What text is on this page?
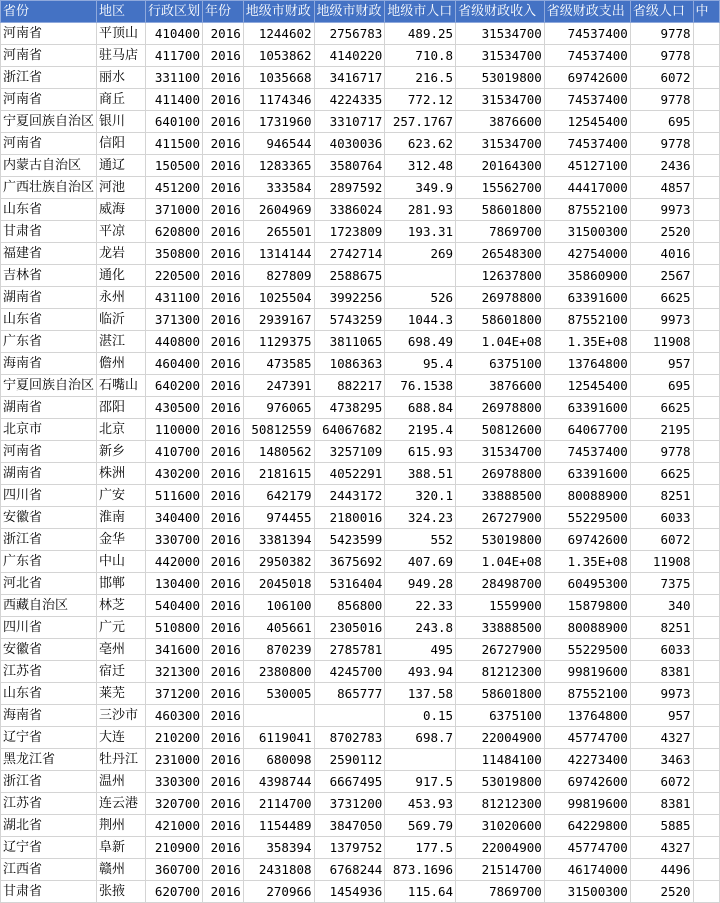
省份	地区	行政区划	年份	地级市财政	地级市财政	地级市人口	省级财政收入	省级财政支出	省级人口	中
河南省	平顶山	410400	2016	1244602	2756783	489.25	31534700	74537400	9778	
河南省	驻马店	411700	2016	1053862	4140220	710.8	31534700	74537400	9778	
浙江省	丽水	331100	2016	1035668	3416717	216.5	53019800	69742600	6072	
河南省	商丘	411400	2016	1174346	4224335	772.12	31534700	74537400	9778	
宁夏回族自治区	银川	640100	2016	1731960	3310717	257.1767	3876600	12545400	695	
河南省	信阳	411500	2016	946544	4030036	623.62	31534700	74537400	9778	
内蒙古自治区	通辽	150500	2016	1283365	3580764	312.48	20164300	45127100	2436	
广西壮族自治区	河池	451200	2016	333584	2897592	349.9	15562700	44417000	4857	
山东省	威海	371000	2016	2604969	3386024	281.93	58601800	87552100	9973	
甘肃省	平凉	620800	2016	265501	1723809	193.31	7869700	31500300	2520	
福建省	龙岩	350800	2016	1314144	2742714	269	26548300	42754000	4016	
吉林省	通化	220500	2016	827809	2588675		12637800	35860900	2567	
湖南省	永州	431100	2016	1025504	3992256	526	26978800	63391600	6625	
山东省	临沂	371300	2016	2939167	5743259	1044.3	58601800	87552100	9973	
广东省	湛江	440800	2016	1129375	3811065	698.49	1.04E+08	1.35E+08	11908	
海南省	儋州	460400	2016	473585	1086363	95.4	6375100	13764800	957	
宁夏回族自治区	石嘴山	640200	2016	247391	882217	76.1538	3876600	12545400	695	
湖南省	邵阳	430500	2016	976065	4738295	688.84	26978800	63391600	6625	
北京市	北京	110000	2016	50812559	64067682	2195.4	50812600	64067700	2195	
河南省	新乡	410700	2016	1480562	3257109	615.93	31534700	74537400	9778	
湖南省	株洲	430200	2016	2181615	4052291	388.51	26978800	63391600	6625	
四川省	广安	511600	2016	642179	2443172	320.1	33888500	80088900	8251	
安徽省	淮南	340400	2016	974455	2180016	324.23	26727900	55229500	6033	
浙江省	金华	330700	2016	3381394	5423599	552	53019800	69742600	6072	
广东省	中山	442000	2016	2950382	3675692	407.69	1.04E+08	1.35E+08	11908	
河北省	邯郸	130400	2016	2045018	5316404	949.28	28498700	60495300	7375	
西藏自治区	林芝	540400	2016	106100	856800	22.33	1559900	15879800	340	
四川省	广元	510800	2016	405661	2305016	243.8	33888500	80088900	8251	
安徽省	亳州	341600	2016	870239	2785781	495	26727900	55229500	6033	
江苏省	宿迁	321300	2016	2380800	4245700	493.94	81212300	99819600	8381	
山东省	莱芜	371200	2016	530005	865777	137.58	58601800	87552100	9973	
海南省	三沙市	460300	2016			0.15	6375100	13764800	957	
辽宁省	大连	210200	2016	6119041	8702783	698.7	22004900	45774700	4327	
黑龙江省	牡丹江	231000	2016	680098	2590112		11484100	42273400	3463	
浙江省	温州	330300	2016	4398744	6667495	917.5	53019800	69742600	6072	
江苏省	连云港	320700	2016	2114700	3731200	453.93	81212300	99819600	8381	
湖北省	荆州	421000	2016	1154489	3847050	569.79	31020600	64229800	5885	
辽宁省	阜新	210900	2016	358394	1379752	177.5	22004900	45774700	4327	
江西省	赣州	360700	2016	2431808	6768244	873.1696	21514700	46174000	4496	
甘肃省	张掖	620700	2016	270966	1454936	115.64	7869700	31500300	2520	
